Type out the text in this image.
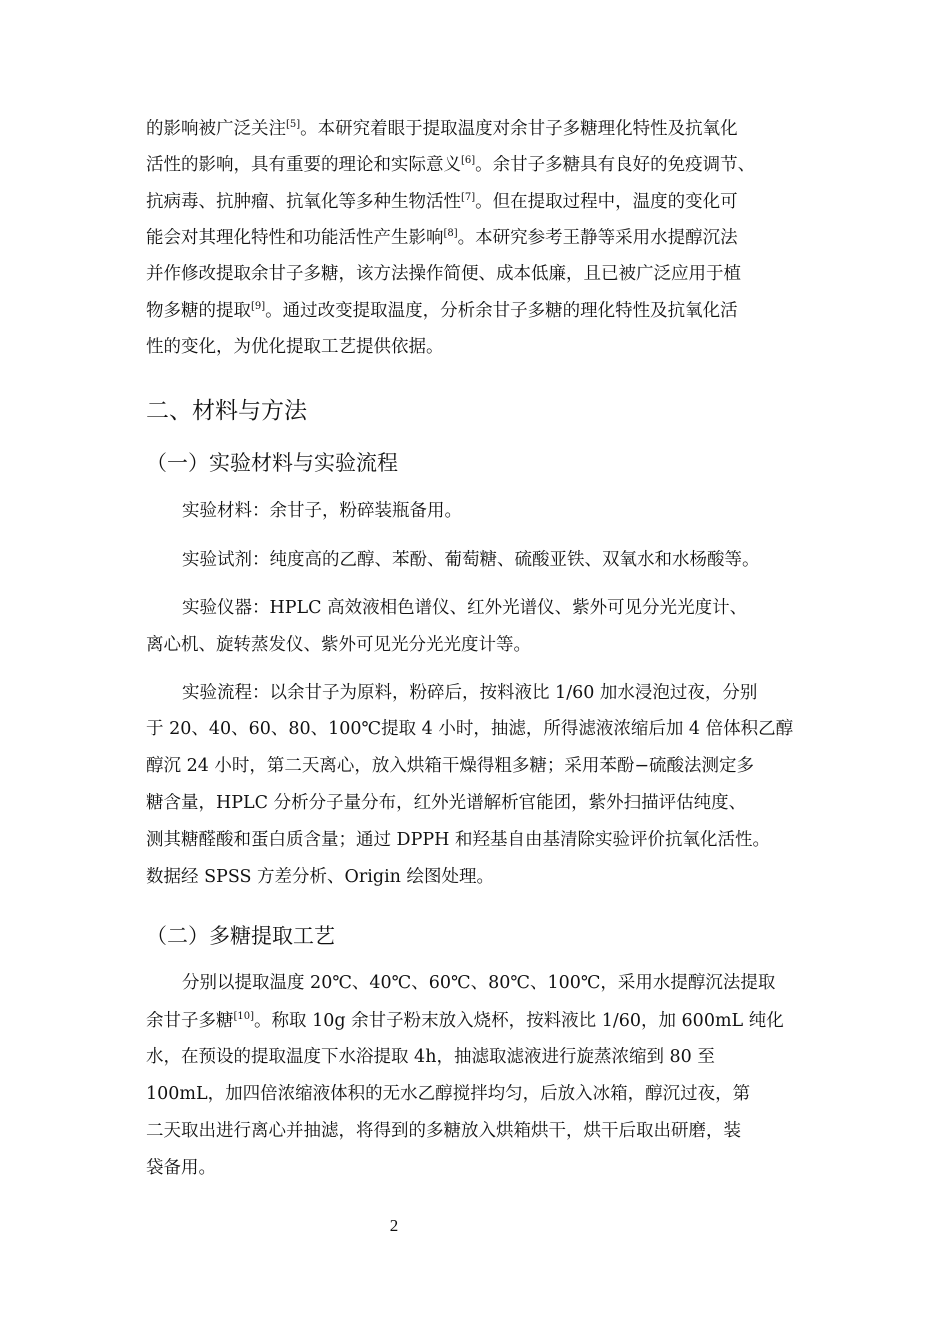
的影响被广泛关注[5]。本研究着眼于提取温度对余甘子多糖理化特性及抗氧化
活性的影响，具有重要的理论和实际意义[6]。余甘子多糖具有良好的免疫调节、
抗病毒、抗肿瘤、抗氧化等多种生物活性[7]。但在提取过程中，温度的变化可
能会对其理化特性和功能活性产生影响[8]。本研究参考王静等采用水提醇沉法
并作修改提取余甘子多糖，该方法操作简便、成本低廉，且已被广泛应用于植
物多糖的提取[9]。通过改变提取温度，分析余甘子多糖的理化特性及抗氧化活
性的变化，为优化提取工艺提供依据。
二、材料与方法
（一）实验材料与实验流程
实验材料：余甘子，粉碎装瓶备用。
实验试剂：纯度高的乙醇、苯酚、葡萄糖、硫酸亚铁、双氧水和水杨酸等。
实验仪器：HPLC 高效液相色谱仪、红外光谱仪、紫外可见分光光度计、
离心机、旋转蒸发仪、紫外可见光分光光度计等。
实验流程：以余甘子为原料，粉碎后，按料液比 1/60 加水浸泡过夜，分别
于 20、40、60、80、100℃提取 4 小时，抽滤，所得滤液浓缩后加 4 倍体积乙醇
醇沉 24 小时，第二天离心，放入烘箱干燥得粗多糖；采用苯酚−硫酸法测定多
糖含量，HPLC 分析分子量分布，红外光谱解析官能团，紫外扫描评估纯度、
测其糖醛酸和蛋白质含量；通过 DPPH 和羟基自由基清除实验评价抗氧化活性。
数据经 SPSS 方差分析、Origin 绘图处理。
（二）多糖提取工艺
分别以提取温度 20℃、40℃、60℃、80℃、100℃，采用水提醇沉法提取
余甘子多糖[10]。称取 10g 余甘子粉末放入烧杯，按料液比 1/60，加 600mL 纯化
水，在预设的提取温度下水浴提取 4h，抽滤取滤液进行旋蒸浓缩到 80 至
100mL，加四倍浓缩液体积的无水乙醇搅拌均匀，后放入冰箱，醇沉过夜，第
二天取出进行离心并抽滤，将得到的多糖放入烘箱烘干，烘干后取出研磨，装
袋备用。
2
